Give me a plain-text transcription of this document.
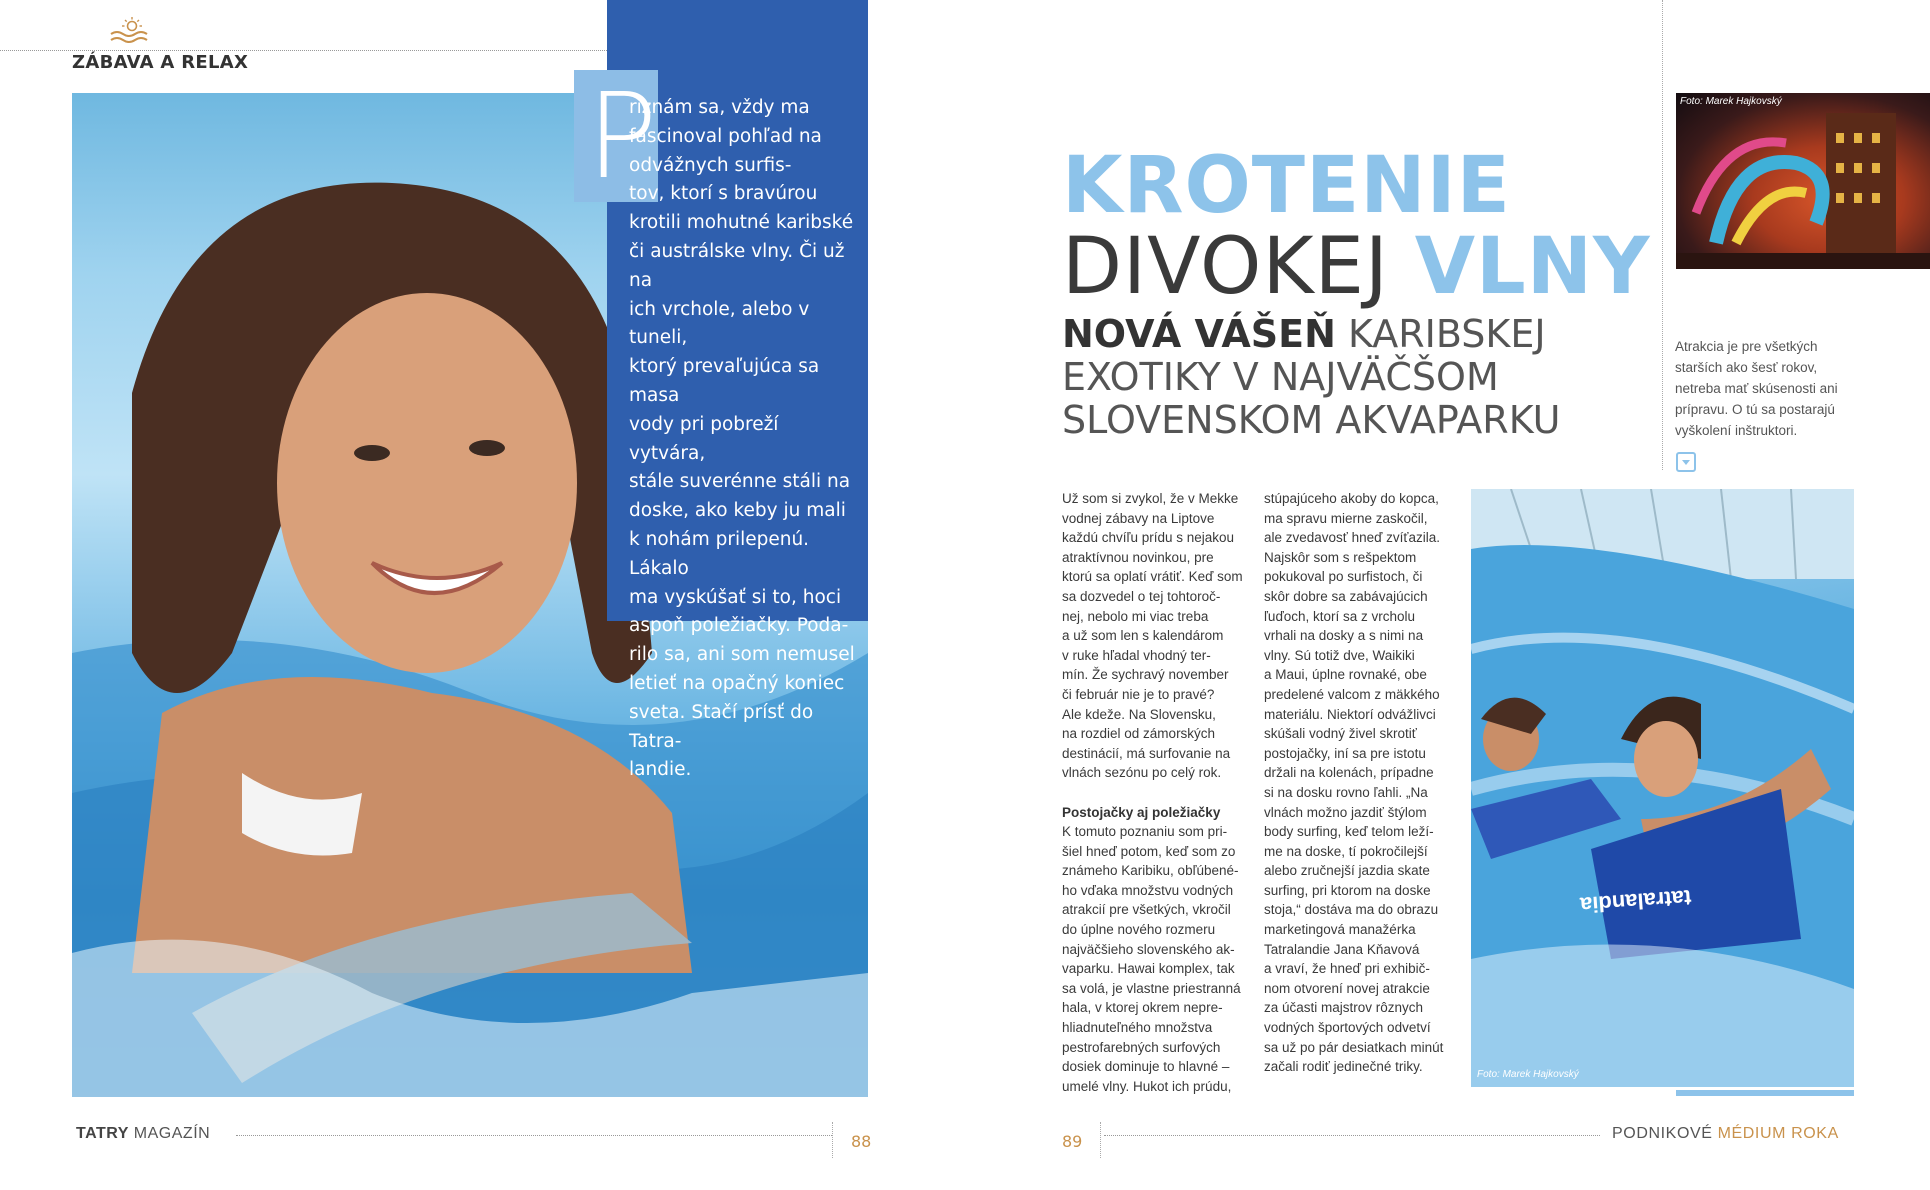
ZÁBAVA A RELAX
P
riznám sa, vždy ma
fascinoval pohľad na
odvážnych surfis-
tov, ktorí s bravúrou
krotili mohutné karibské
či austrálske vlny. Či už na
ich vrchole, alebo v tuneli,
ktorý prevaľujúca sa masa
vody pri pobreží vytvára,
stále suverénne stáli na
doske, ako keby ju mali
k nohám prilepenú. Lákalo
ma vyskúšať si to, hoci
aspoň poležiačky. Poda-
rilo sa, ani som nemusel
letieť na opačný koniec
sveta. Stačí prísť do Tatra-
landie.
TATRY MAGAZÍN	88
KROTENIE
DIVOKEJ VLNY
NOVÁ VÁŠEŇ KARIBSKEJ
EXOTIKY V NAJVÄČŠOM
SLOVENSKOM AKVAPARKU
Už som si zvykol, že v Mekke
vodnej zábavy na Liptove
každú chvíľu prídu s nejakou
atraktívnou novinkou, pre
ktorú sa oplatí vrátiť. Keď som
sa dozvedel o tej tohtoroč-
nej, nebolo mi viac treba
a už som len s kalendárom
v ruke hľadal vhodný ter-
mín. Že sychravý november
či február nie je to pravé?
Ale kdeže. Na Slovensku,
na rozdiel od zámorských
destinácií, má surfovanie na
vlnách sezónu po celý rok.

Postojačky aj poležiačky
K tomuto poznaniu som pri-
šiel hneď potom, keď som zo
známeho Karibiku, obľúbené-
ho vďaka množstvu vodných
atrakcií pre všetkých, vkročil
do úplne nového rozmeru
najväčšieho slovenského ak-
vaparku. Hawai komplex, tak
sa volá, je vlastne priestranná
hala, v ktorej okrem nepre-
hliadnuteľného množstva
pestrofarebných surfových
dosiek dominuje to hlavné –
umelé vlny. Hukot ich prúdu,
stúpajúceho akoby do kopca,
ma spravu mierne zaskočil,
ale zvedavosť hneď zvíťazila.
Najskôr som s rešpektom
pokukoval po surfistoch, či
skôr dobre sa zabávajúcich
ľuďoch, ktorí sa z vrcholu
vrhali na dosky a s nimi na
vlny. Sú totiž dve, Waikiki
a Maui, úplne rovnaké, obe
predelené valcom z mäkkého
materiálu. Niektorí odvážlivci
skúšali vodný živel skrotiť
postojačky, iní sa pre istotu
držali na kolenách, prípadne
si na dosku rovno ľahli. „Na
vlnách možno jazdiť štýlom
body surfing, keď telom leží-
me na doske, tí pokročilejší
alebo zručnejší jazdia skate
surfing, pri ktorom na doske
stoja,“ dostáva ma do obrazu
marketingová manažérka
Tatralandie Jana Kňavová
a vraví, že hneď pri exhibič-
nom otvorení novej atrakcie
za účasti majstrov rôznych
vodných športových odvetví
sa už po pár desiatkach minút
začali rodiť jedinečné triky.
Foto: Marek Hajkovský
Atrakcia je pre všetkých
starších ako šesť rokov,
netreba mať skúsenosti ani
prípravu. O tú sa postarajú
vyškolení inštruktori.
tatralandia
Foto: Marek Hajkovský
89	PODNIKOVÉ MÉDIUM ROKA
